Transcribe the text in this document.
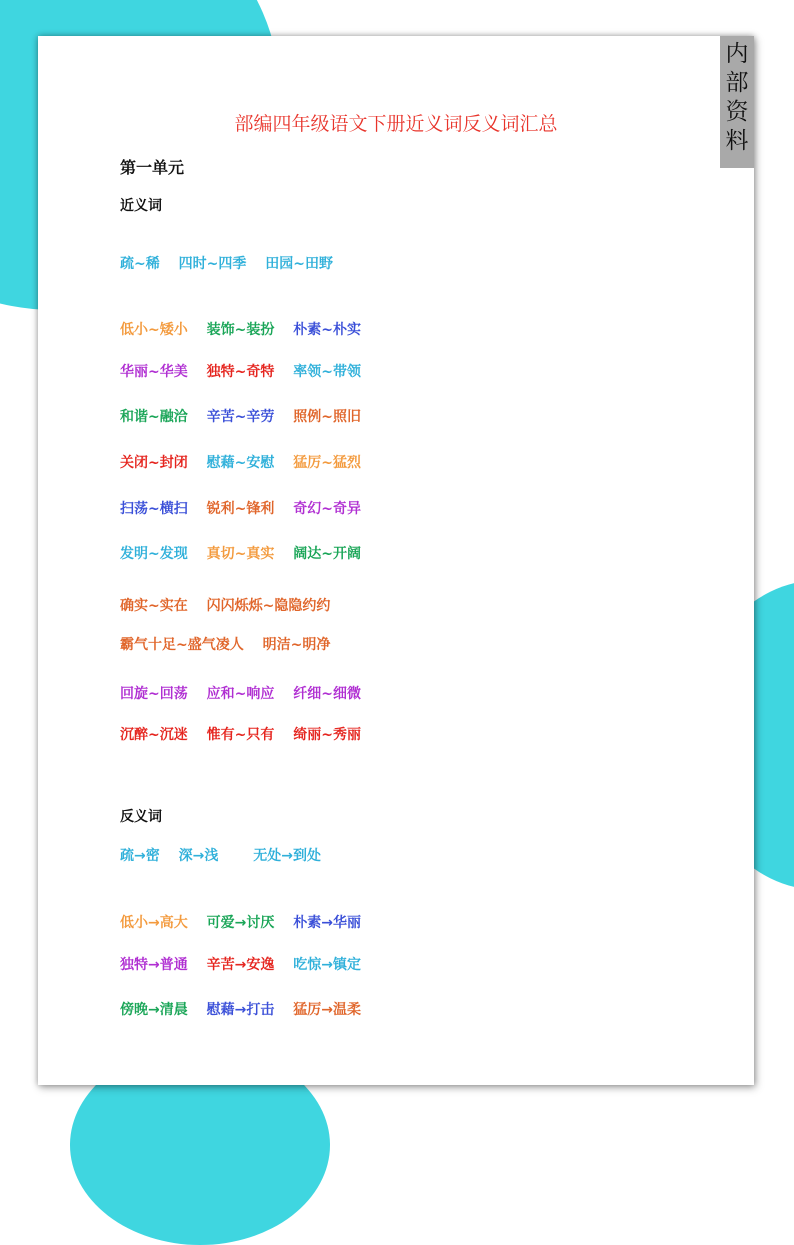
内部资料
部编四年级语文下册近义词反义词汇总
第一单元
近义词
疏~稀 四时~四季 田园~田野
低小~矮小 装饰~装扮 朴素~朴实
华丽~华美 独特~奇特 率领~带领
和谐~融洽 辛苦~辛劳 照例~照旧
关闭~封闭 慰藉~安慰 猛厉~猛烈
扫荡~横扫 锐利~锋利 奇幻~奇异
发明~发现 真切~真实 阔达~开阔
确实~实在 闪闪烁烁~隐隐约约
霸气十足~盛气凌人 明洁~明净
回旋~回荡 应和~响应 纤细~细微
沉醉~沉迷 惟有~只有 绮丽~秀丽
反义词
疏→密 深→浅 无处→到处
低小→高大 可爱→讨厌 朴素→华丽
独特→普通 辛苦→安逸 吃惊→镇定
傍晚→清晨 慰藉→打击 猛厉→温柔
